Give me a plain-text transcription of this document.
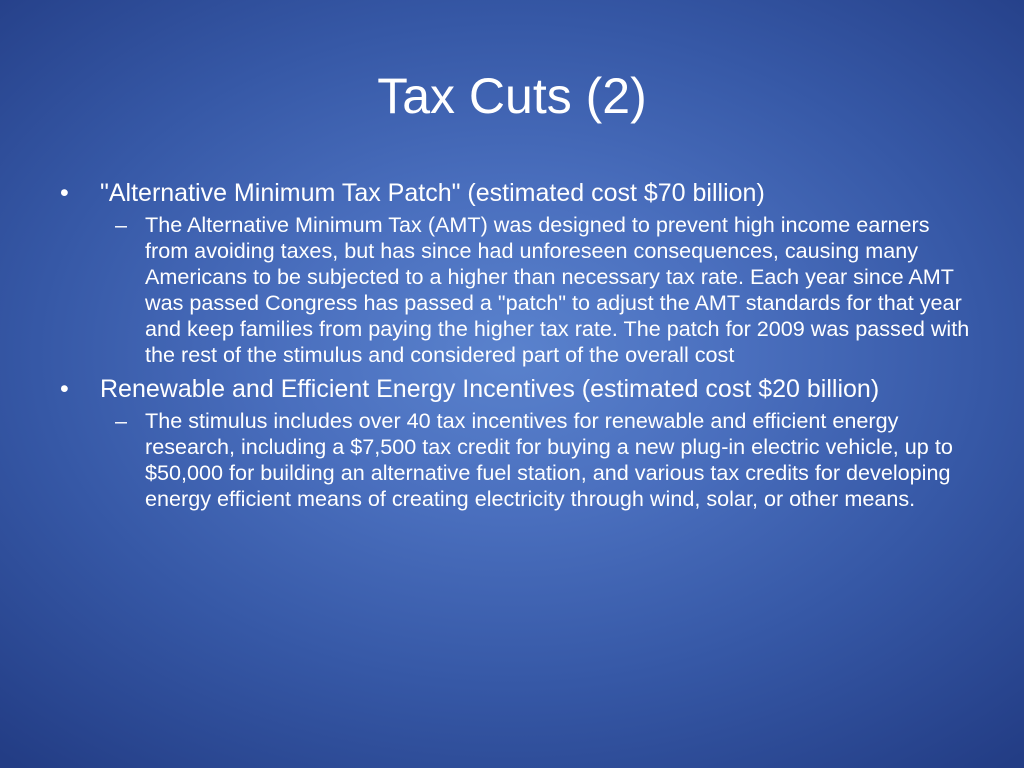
Tax Cuts (2)
• "Alternative Minimum Tax Patch" (estimated cost $70 billion)
– The Alternative Minimum Tax (AMT) was designed to prevent high income earners from avoiding taxes, but has since had unforeseen consequences, causing many Americans to be subjected to a higher than necessary tax rate. Each year since AMT was passed Congress has passed a "patch" to adjust the AMT standards for that year and keep families from paying the higher tax rate. The patch for 2009 was passed with the rest of the stimulus and considered part of the overall cost
• Renewable and Efficient Energy Incentives (estimated cost $20 billion)
– The stimulus includes over 40 tax incentives for renewable and efficient energy research, including a $7,500 tax credit for buying a new plug-in electric vehicle, up to $50,000 for building an alternative fuel station, and various tax credits for developing energy efficient means of creating electricity through wind, solar, or other means.
